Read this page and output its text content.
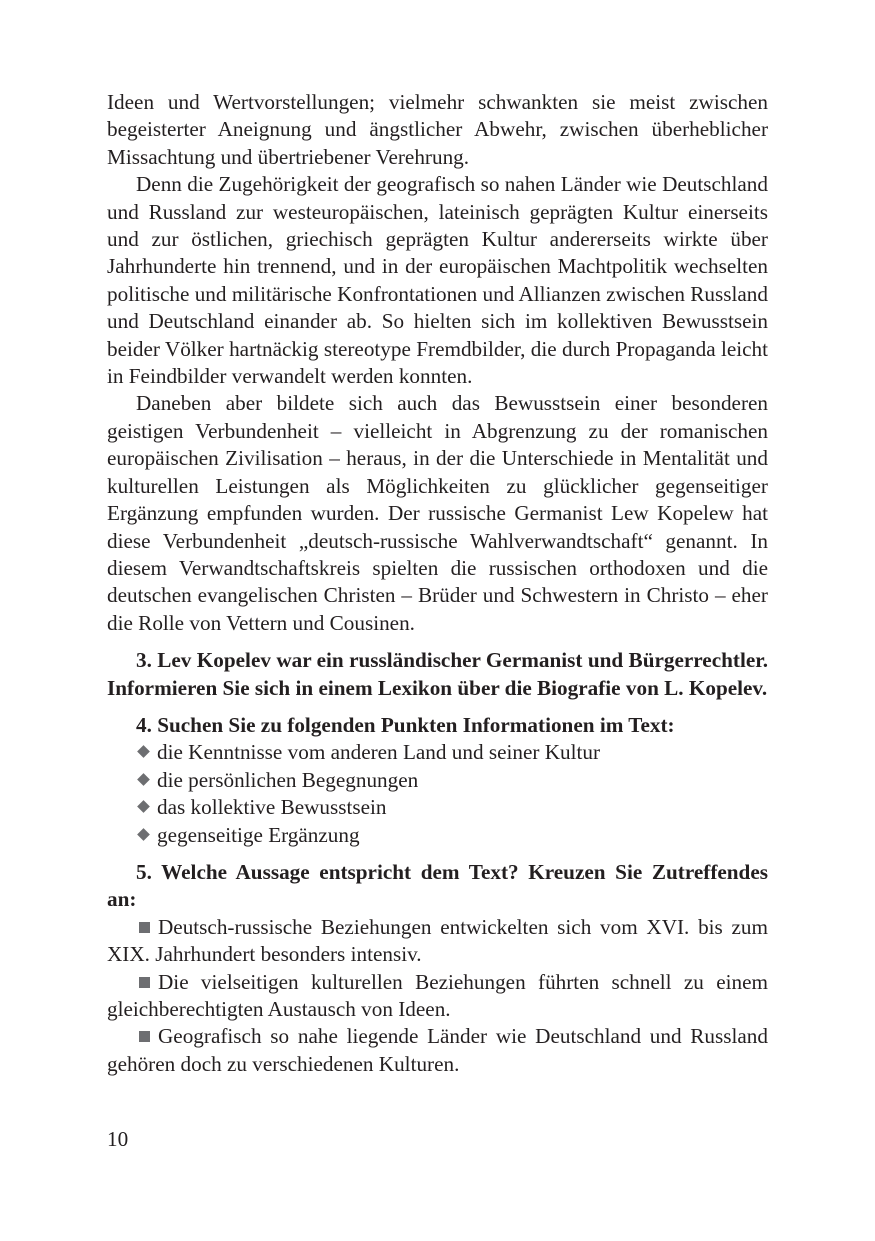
Ideen und Wertvorstellungen; vielmehr schwankten sie meist zwischen begeisterter Aneignung und ängstlicher Abwehr, zwischen überheblicher Missachtung und übertriebener Verehrung.

Denn die Zugehörigkeit der geografisch so nahen Länder wie Deutschland und Russland zur westeuropäischen, lateinisch geprägten Kultur einerseits und zur östlichen, griechisch geprägten Kultur andererseits wirkte über Jahrhunderte hin trennend, und in der europäischen Machtpolitik wechselten politische und militärische Konfrontationen und Allianzen zwischen Russland und Deutschland einander ab. So hielten sich im kollektiven Bewusstsein beider Völker hartnäckig stereotype Fremdbilder, die durch Propaganda leicht in Feindbilder verwandelt werden konnten.

Daneben aber bildete sich auch das Bewusstsein einer besonderen geistigen Verbundenheit – vielleicht in Abgrenzung zu der romanischen europäischen Zivilisation – heraus, in der die Unterschiede in Mentalität und kulturellen Leistungen als Möglichkeiten zu glücklicher gegenseitiger Ergänzung empfunden wurden. Der russische Germanist Lew Kopelew hat diese Verbundenheit „deutsch-russische Wahlverwandtschaft“ genannt. In diesem Verwandtschaftskreis spielten die russischen orthodoxen und die deutschen evangelischen Christen – Brüder und Schwestern in Christo – eher die Rolle von Vettern und Cousinen.

3. Lev Kopelev war ein russländischer Germanist und Bürgerrechtler. Informieren Sie sich in einem Lexikon über die Biografie von L. Kopelev.

4. Suchen Sie zu folgenden Punkten Informationen im Text:

die Kenntnisse vom anderen Land und seiner Kultur
die persönlichen Begegnungen
das kollektive Bewusstsein
gegenseitige Ergänzung

5. Welche Aussage entspricht dem Text? Kreuzen Sie Zutreffendes an:

Deutsch-russische Beziehungen entwickelten sich vom XVI. bis zum XIX. Jahrhundert besonders intensiv.

Die vielseitigen kulturellen Beziehungen führten schnell zu einem gleichberechtigten Austausch von Ideen.

Geografisch so nahe liegende Länder wie Deutschland und Russland gehören doch zu verschiedenen Kulturen.

10
